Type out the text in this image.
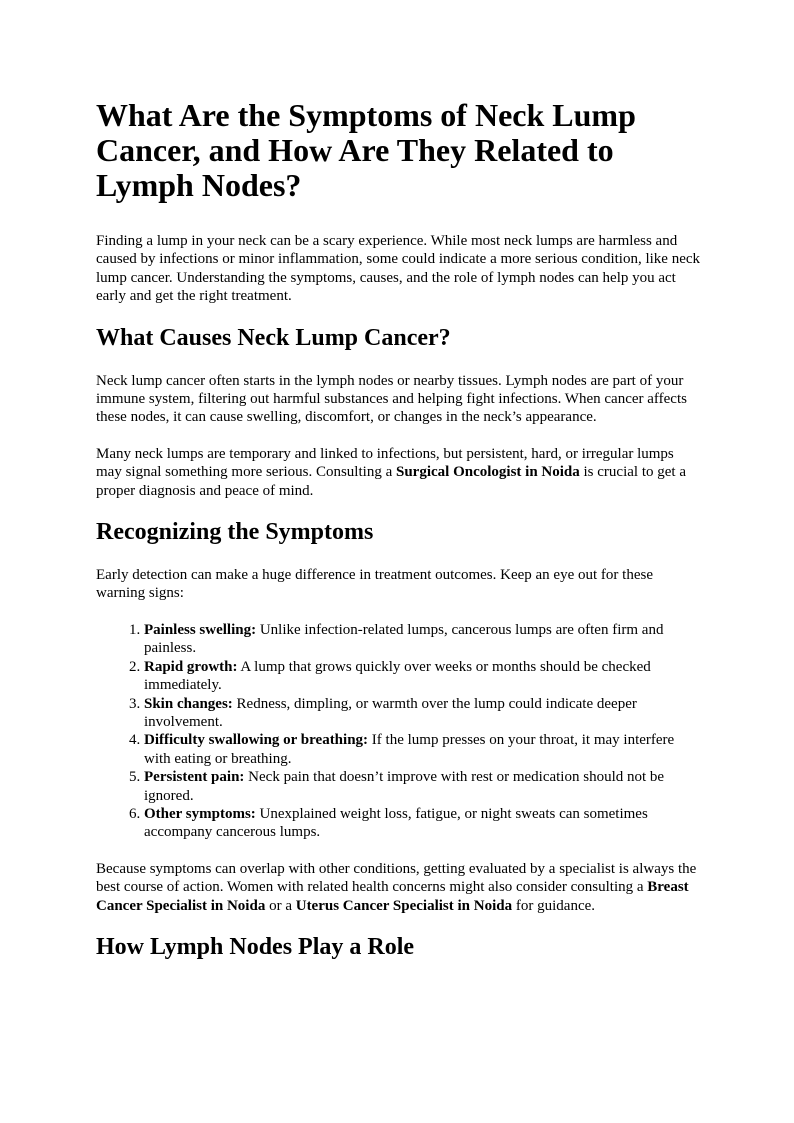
What Are the Symptoms of Neck Lump Cancer, and How Are They Related to Lymph Nodes?

Finding a lump in your neck can be a scary experience. While most neck lumps are harmless and caused by infections or minor inflammation, some could indicate a more serious condition, like neck lump cancer. Understanding the symptoms, causes, and the role of lymph nodes can help you act early and get the right treatment.

What Causes Neck Lump Cancer?

Neck lump cancer often starts in the lymph nodes or nearby tissues. Lymph nodes are part of your immune system, filtering out harmful substances and helping fight infections. When cancer affects these nodes, it can cause swelling, discomfort, or changes in the neck’s appearance.

Many neck lumps are temporary and linked to infections, but persistent, hard, or irregular lumps may signal something more serious. Consulting a Surgical Oncologist in Noida is crucial to get a proper diagnosis and peace of mind.

Recognizing the Symptoms

Early detection can make a huge difference in treatment outcomes. Keep an eye out for these warning signs:

1. Painless swelling: Unlike infection-related lumps, cancerous lumps are often firm and painless.
2. Rapid growth: A lump that grows quickly over weeks or months should be checked immediately.
3. Skin changes: Redness, dimpling, or warmth over the lump could indicate deeper involvement.
4. Difficulty swallowing or breathing: If the lump presses on your throat, it may interfere with eating or breathing.
5. Persistent pain: Neck pain that doesn’t improve with rest or medication should not be ignored.
6. Other symptoms: Unexplained weight loss, fatigue, or night sweats can sometimes accompany cancerous lumps.

Because symptoms can overlap with other conditions, getting evaluated by a specialist is always the best course of action. Women with related health concerns might also consider consulting a Breast Cancer Specialist in Noida or a Uterus Cancer Specialist in Noida for guidance.

How Lymph Nodes Play a Role
